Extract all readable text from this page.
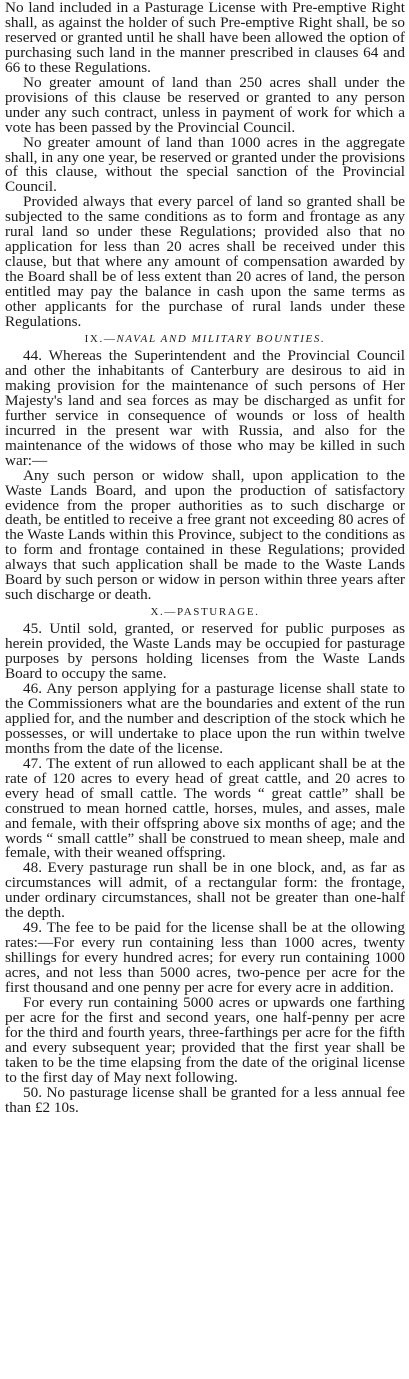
No land included in a Pasturage License with Pre-emptive Right shall, as against the holder of such Pre-emptive Right shall, be so reserved or granted until he shall have been allowed the option of purchasing such land in the manner prescribed in clauses 64 and 66 to these Regulations.

No greater amount of land than 250 acres shall under the provisions of this clause be reserved or granted to any person under any such contract, unless in payment of work for which a vote has been passed by the Provincial Council.

No greater amount of land than 1000 acres in the aggregate shall, in any one year, be reserved or granted under the provisions of this clause, without the special sanction of the Provincial Council.

Provided always that every parcel of land so granted shall be subjected to the same conditions as to form and frontage as any rural land so under these Regulations; provided also that no application for less than 20 acres shall be received under this clause, but that where any amount of compensation awarded by the Board shall be of less extent than 20 acres of land, the person entitled may pay the balance in cash upon the same terms as other applicants for the purchase of rural lands under these Regulations.

IX.—NAVAL AND MILITARY BOUNTIES.

44. Whereas the Superintendent and the Provincial Council and other the inhabitants of Canterbury are desirous to aid in making provision for the maintenance of such persons of Her Majesty's land and sea forces as may be discharged as unfit for further service in consequence of wounds or loss of health incurred in the present war with Russia, and also for the maintenance of the widows of those who may be killed in such war:—

Any such person or widow shall, upon application to the Waste Lands Board, and upon the production of satisfactory evidence from the proper authorities as to such discharge or death, be entitled to receive a free grant not exceeding 80 acres of the Waste Lands within this Province, subject to the conditions as to form and frontage contained in these Regulations; provided always that such application shall be made to the Waste Lands Board by such person or widow in person within three years after such discharge or death.

X.—PASTURAGE.

45. Until sold, granted, or reserved for public purposes as herein provided, the Waste Lands may be occupied for pasturage purposes by persons holding licenses from the Waste Lands Board to occupy the same.

46. Any person applying for a pasturage license shall state to the Commissioners what are the boundaries and extent of the run applied for, and the number and description of the stock which he possesses, or will undertake to place upon the run within twelve months from the date of the license.

47. The extent of run allowed to each applicant shall be at the rate of 120 acres to every head of great cattle, and 20 acres to every head of small cattle. The words “ great cattle” shall be construed to mean horned cattle, horses, mules, and asses, male and female, with their offspring above six months of age; and the words “ small cattle” shall be construed to mean sheep, male and female, with their weaned offspring.

48. Every pasturage run shall be in one block, and, as far as circumstances will admit, of a rectangular form: the frontage, under ordinary circumstances, shall not be greater than one-half the depth.

49. The fee to be paid for the license shall be at the ollowing rates:—For every run containing less than 1000 acres, twenty shillings for every hundred acres; for every run containing 1000 acres, and not less than 5000 acres, two-pence per acre for the first thousand and one penny per acre for every acre in addition.

For every run containing 5000 acres or upwards one farthing per acre for the first and second years, one half-penny per acre for the third and fourth years, three-farthings per acre for the fifth and every subsequent year; provided that the first year shall be taken to be the time elapsing from the date of the original license to the first day of May next following.

50. No pasturage license shall be granted for a less annual fee than £2 10s.
